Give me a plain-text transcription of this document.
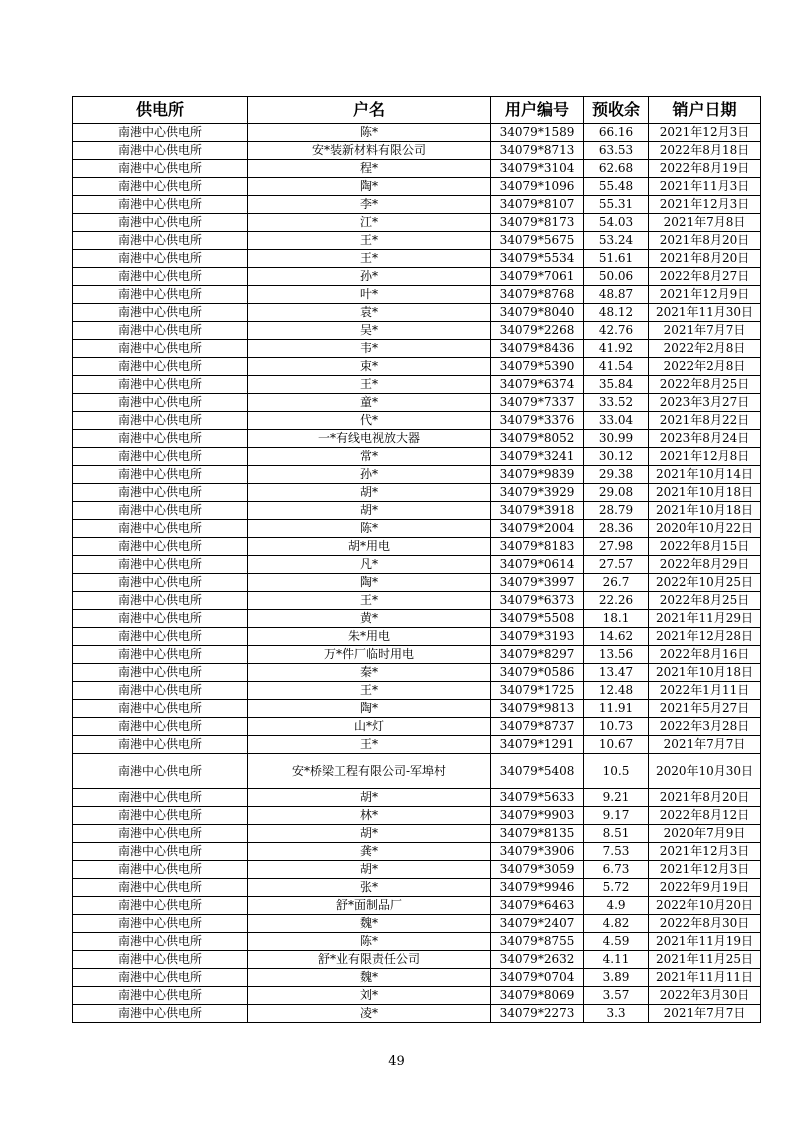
供电所	户名	用户编号	预收余	销户日期
南港中心供电所	陈*	34079*1589	66.16	2021年12月3日
南港中心供电所	安*装新材料有限公司	34079*8713	63.53	2022年8月18日
南港中心供电所	程*	34079*3104	62.68	2022年8月19日
南港中心供电所	陶*	34079*1096	55.48	2021年11月3日
南港中心供电所	李*	34079*8107	55.31	2021年12月3日
南港中心供电所	江*	34079*8173	54.03	2021年7月8日
南港中心供电所	王*	34079*5675	53.24	2021年8月20日
南港中心供电所	王*	34079*5534	51.61	2021年8月20日
南港中心供电所	孙*	34079*7061	50.06	2022年8月27日
南港中心供电所	叶*	34079*8768	48.87	2021年12月9日
南港中心供电所	袁*	34079*8040	48.12	2021年11月30日
南港中心供电所	吴*	34079*2268	42.76	2021年7月7日
南港中心供电所	韦*	34079*8436	41.92	2022年2月8日
南港中心供电所	束*	34079*5390	41.54	2022年2月8日
南港中心供电所	王*	34079*6374	35.84	2022年8月25日
南港中心供电所	童*	34079*7337	33.52	2023年3月27日
南港中心供电所	代*	34079*3376	33.04	2021年8月22日
南港中心供电所	一*有线电视放大器	34079*8052	30.99	2023年8月24日
南港中心供电所	常*	34079*3241	30.12	2021年12月8日
南港中心供电所	孙*	34079*9839	29.38	2021年10月14日
南港中心供电所	胡*	34079*3929	29.08	2021年10月18日
南港中心供电所	胡*	34079*3918	28.79	2021年10月18日
南港中心供电所	陈*	34079*2004	28.36	2020年10月22日
南港中心供电所	胡*用电	34079*8183	27.98	2022年8月15日
南港中心供电所	凡*	34079*0614	27.57	2022年8月29日
南港中心供电所	陶*	34079*3997	26.7	2022年10月25日
南港中心供电所	王*	34079*6373	22.26	2022年8月25日
南港中心供电所	黄*	34079*5508	18.1	2021年11月29日
南港中心供电所	朱*用电	34079*3193	14.62	2021年12月28日
南港中心供电所	万*件厂临时用电	34079*8297	13.56	2022年8月16日
南港中心供电所	秦*	34079*0586	13.47	2021年10月18日
南港中心供电所	王*	34079*1725	12.48	2022年1月11日
南港中心供电所	陶*	34079*9813	11.91	2021年5月27日
南港中心供电所	山*灯	34079*8737	10.73	2022年3月28日
南港中心供电所	王*	34079*1291	10.67	2021年7月7日
南港中心供电所	安*桥梁工程有限公司-军埠村	34079*5408	10.5	2020年10月30日
南港中心供电所	胡*	34079*5633	9.21	2021年8月20日
南港中心供电所	林*	34079*9903	9.17	2022年8月12日
南港中心供电所	胡*	34079*8135	8.51	2020年7月9日
南港中心供电所	龚*	34079*3906	7.53	2021年12月3日
南港中心供电所	胡*	34079*3059	6.73	2021年12月3日
南港中心供电所	张*	34079*9946	5.72	2022年9月19日
南港中心供电所	舒*面制品厂	34079*6463	4.9	2022年10月20日
南港中心供电所	魏*	34079*2407	4.82	2022年8月30日
南港中心供电所	陈*	34079*8755	4.59	2021年11月19日
南港中心供电所	舒*业有限责任公司	34079*2632	4.11	2021年11月25日
南港中心供电所	魏*	34079*0704	3.89	2021年11月11日
南港中心供电所	刘*	34079*8069	3.57	2022年3月30日
南港中心供电所	凌*	34079*2273	3.3	2021年7月7日
49
